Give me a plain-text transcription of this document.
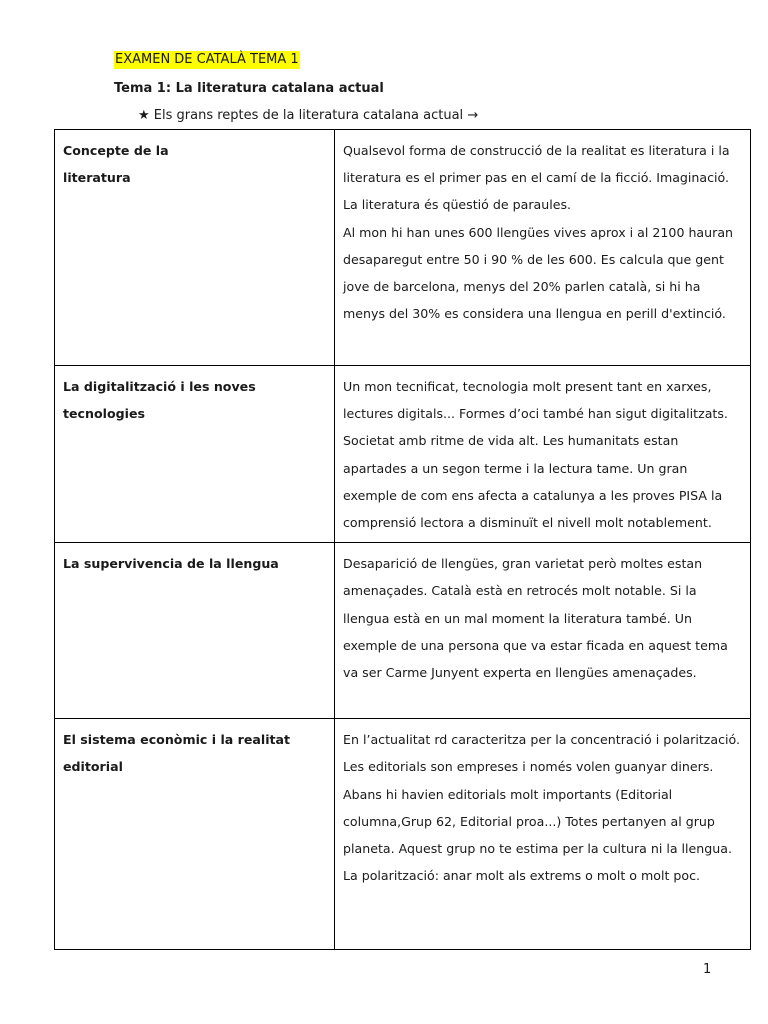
EXAMEN DE CATALÀ TEMA 1
Tema 1: La literatura catalana actual
★ Els grans reptes de la literatura catalana actual →
Concepte de la
literatura	Qualsevol forma de construcció de la realitat es literatura i la literatura es el primer pas en el camí de la ficció. Imaginació.
La literatura és qüestió de paraules.
Al mon hi han unes 600 llengües vives aprox i al 2100 hauran desaparegut entre 50 i 90 % de les 600. Es calcula que gent jove de barcelona, menys del 20% parlen català, si hi ha menys del 30% es considera una llengua en perill d'extinció.

La digitalització i les noves tecnologies	Un mon tecnificat, tecnologia molt present tant en xarxes, lectures digitals... Formes d’oci també han sigut digitalitzats. Societat amb ritme de vida alt. Les humanitats estan apartades a un segon terme i la lectura tame. Un gran exemple de com ens afecta a catalunya a les proves PISA la comprensió lectora a disminuït el nivell molt notablement.

La supervivencia de la llengua	Desaparició de llengües, gran varietat però moltes estan amenaçades. Català està en retrocés molt notable. Si la llengua està en un mal moment la literatura també. Un exemple de una persona que va estar ficada en aquest tema va ser Carme Junyent experta en llengües amenaçades.

El sistema econòmic i la realitat
editorial	En l’actualitat rd caracteritza per la concentració i polarització. Les editorials son empreses i només volen guanyar diners. Abans hi havien editorials molt importants (Editorial columna,Grup 62, Editorial proa...) Totes pertanyen al grup planeta. Aquest grup no te estima per la cultura ni la llengua.
La polarització: anar molt als extrems o molt o molt poc.
1
